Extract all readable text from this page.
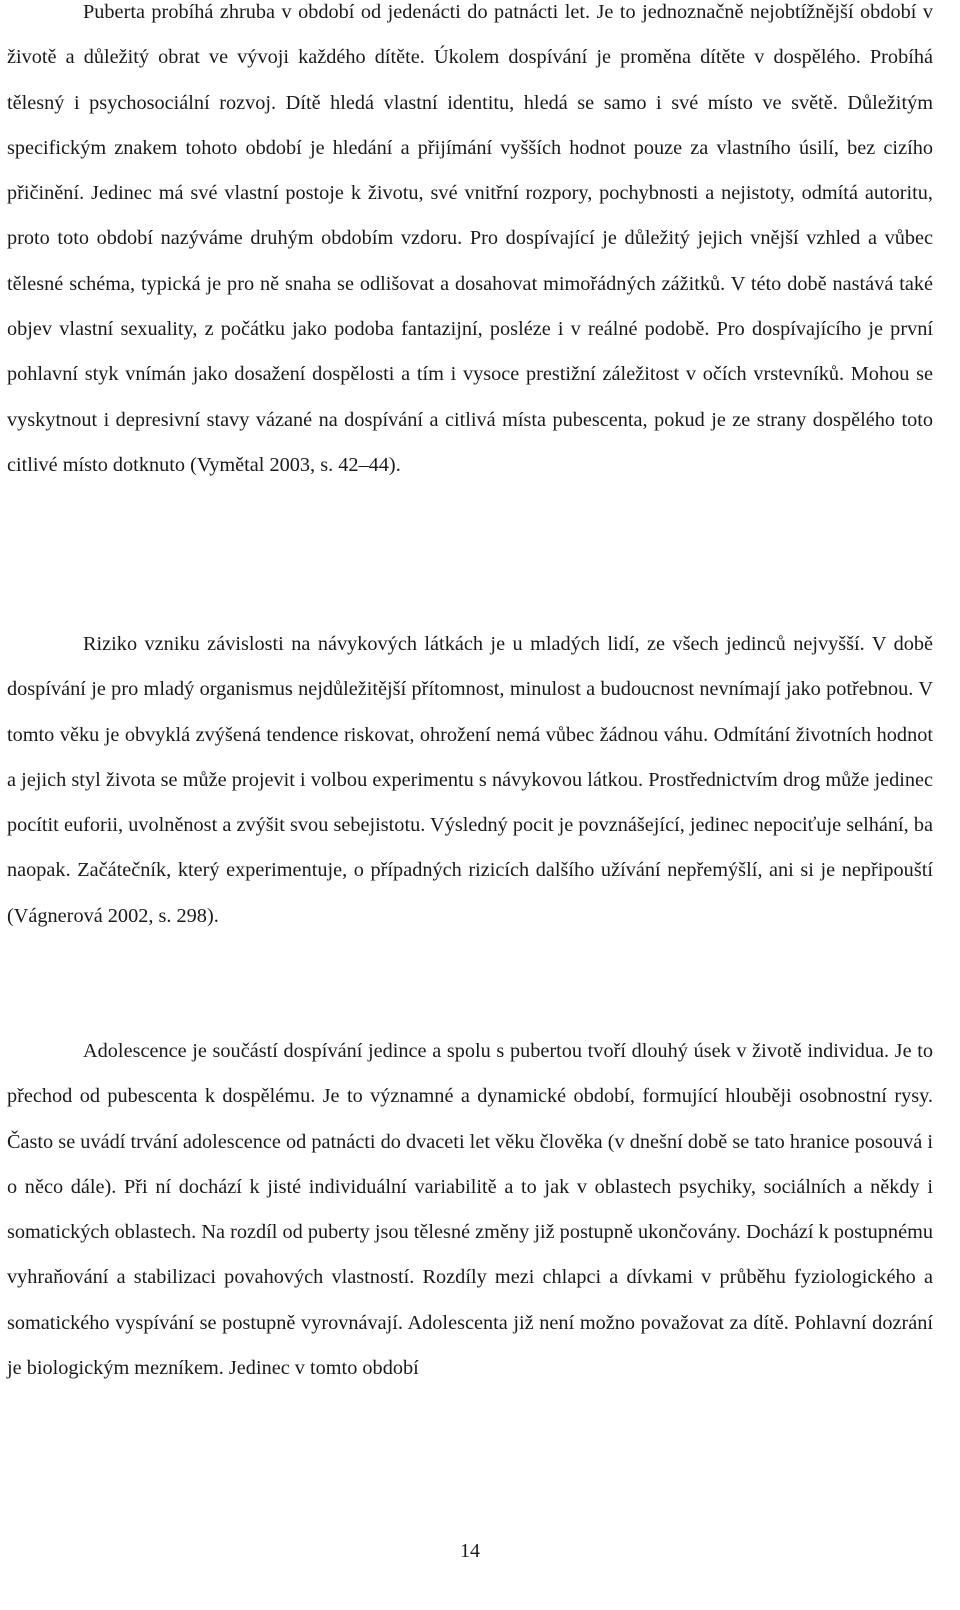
Puberta probíhá zhruba v období od jedenácti do patnácti let. Je to jednoznačně nejobtížnější období v životě a důležitý obrat ve vývoji každého dítěte. Úkolem dospívání je proměna dítěte v dospělého. Probíhá tělesný i psychosociální rozvoj. Dítě hledá vlastní identitu, hledá se samo i své místo ve světě. Důležitým specifickým znakem tohoto období je hledání a přijímání vyšších hodnot pouze za vlastního úsilí, bez cizího přičinění. Jedinec má své vlastní postoje k životu, své vnitřní rozpory, pochybnosti a nejistoty, odmítá autoritu, proto toto období nazýváme druhým obdobím vzdoru. Pro dospívající je důležitý jejich vnější vzhled a vůbec tělesné schéma, typická je pro ně snaha se odlišovat a dosahovat mimořádných zážitků. V této době nastává také objev vlastní sexuality, z počátku jako podoba fantazijní, posléze i v reálné podobě. Pro dospívajícího je první pohlavní styk vnímán jako dosažení dospělosti a tím i vysoce prestižní záležitost v očích vrstevníků. Mohou se vyskytnout i depresivní stavy vázané na dospívání a citlivá místa pubescenta, pokud je ze strany dospělého toto citlivé místo dotknuto (Vymětal 2003, s. 42–44).

Riziko vzniku závislosti na návykových látkách je u mladých lidí, ze všech jedinců nejvyšší. V době dospívání je pro mladý organismus nejdůležitější přítomnost, minulost a budoucnost nevnímají jako potřebnou. V tomto věku je obvyklá zvýšená tendence riskovat, ohrožení nemá vůbec žádnou váhu. Odmítání životních hodnot a jejich styl života se může projevit i volbou experimentu s návykovou látkou. Prostřednictvím drog může jedinec pocítit euforii, uvolněnost a zvýšit svou sebejistotu. Výsledný pocit je povznášející, jedinec nepociťuje selhání, ba naopak. Začátečník, který experimentuje, o případných rizicích dalšího užívání nepřemýšlí, ani si je nepřipouští (Vágnerová 2002, s. 298).

Adolescence je součástí dospívání jedince a spolu s pubertou tvoří dlouhý úsek v životě individua. Je to přechod od pubescenta k dospělému. Je to významné a dynamické období, formující hlouběji osobnostní rysy. Často se uvádí trvání adolescence od patnácti do dvaceti let věku člověka (v dnešní době se tato hranice posouvá i o něco dále). Při ní dochází k jisté individuální variabilitě a to jak v oblastech psychiky, sociálních a někdy i somatických oblastech. Na rozdíl od puberty jsou tělesné změny již postupně ukončovány. Dochází k postupnému vyhraňování a stabilizaci povahových vlastností. Rozdíly mezi chlapci a dívkami v průběhu fyziologického a somatického vyspívání se postupně vyrovnávají. Adolescenta již není možno považovat za dítě. Pohlavní dozrání je biologickým mezníkem. Jedinec v tomto období

14
